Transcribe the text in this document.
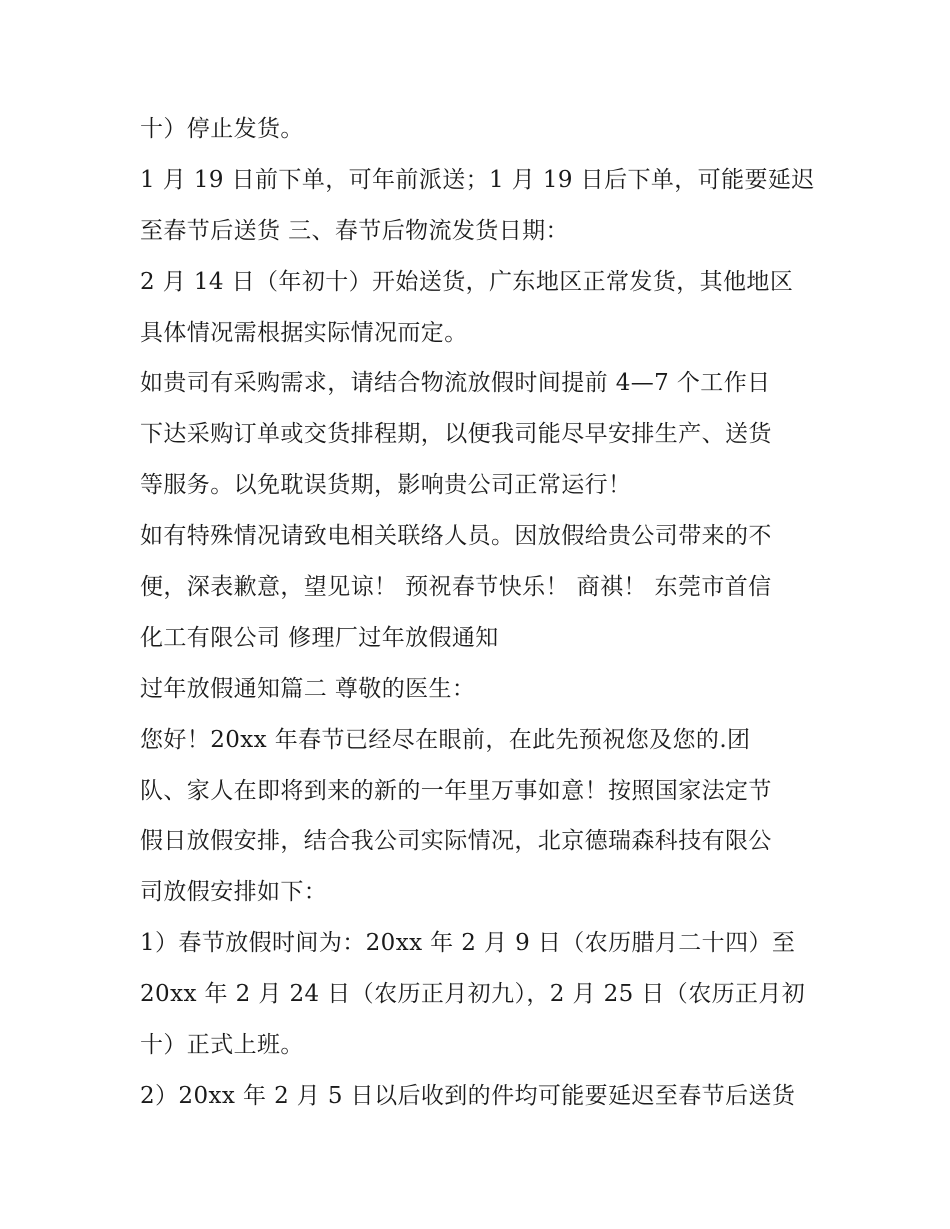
十）停止发货。
1 月 19 日前下单，可年前派送；1 月 19 日后下单，可能要延迟
至春节后送货 三、春节后物流发货日期：
2 月 14 日（年初十）开始送货，广东地区正常发货，其他地区
具体情况需根据实际情况而定。
如贵司有采购需求，请结合物流放假时间提前 4—7 个工作日
下达采购订单或交货排程期，以便我司能尽早安排生产、送货
等服务。以免耽误货期，影响贵公司正常运行！
如有特殊情况请致电相关联络人员。因放假给贵公司带来的不
便，深表歉意，望见谅！ 预祝春节快乐！ 商祺！ 东莞市首信
化工有限公司 修理厂过年放假通知
过年放假通知篇二 尊敬的医生：
您好！20xx 年春节已经尽在眼前，在此先预祝您及您的.团
队、家人在即将到来的新的一年里万事如意！按照国家法定节
假日放假安排，结合我公司实际情况，北京德瑞森科技有限公
司放假安排如下：
1）春节放假时间为：20xx 年 2 月 9 日（农历腊月二十四）至
20xx 年 2 月 24 日（农历正月初九），2 月 25 日（农历正月初
十）正式上班。
2）20xx 年 2 月 5 日以后收到的件均可能要延迟至春节后送货
